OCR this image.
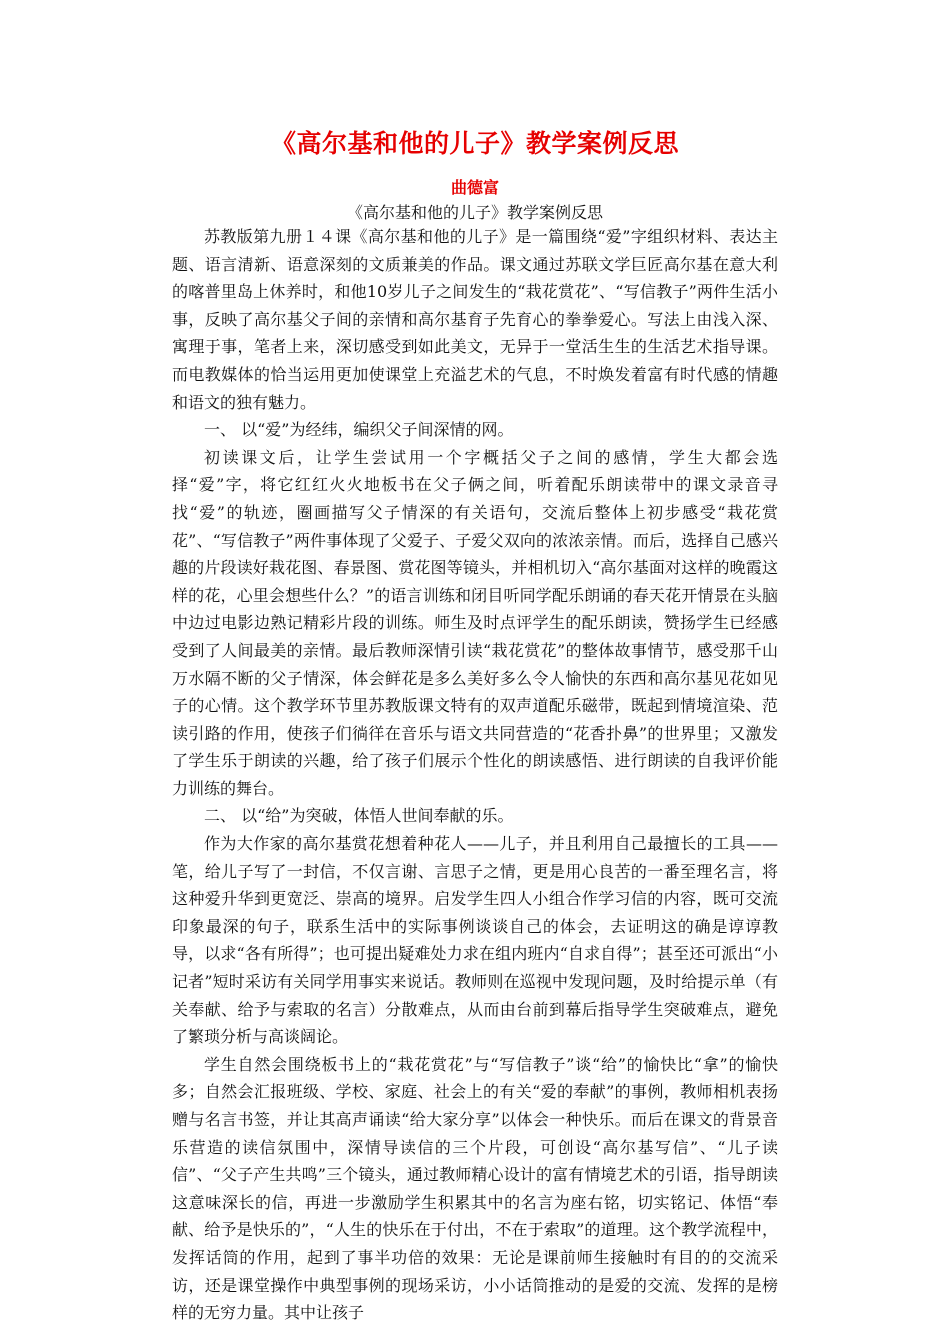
《高尔基和他的儿子》教学案例反思
曲德富
《高尔基和他的儿子》教学案例反思

苏教版第九册１４课《高尔基和他的儿子》是一篇围绕“爱”字组织材料、表达主题、语言清新、语意深刻的文质兼美的作品。课文通过苏联文学巨匠高尔基在意大利的喀普里岛上休养时，和他10岁儿子之间发生的“栽花赏花”、“写信教子”两件生活小事，反映了高尔基父子间的亲情和高尔基育子先育心的拳拳爱心。写法上由浅入深、寓理于事，笔者上来，深切感受到如此美文，无异于一堂活生生的生活艺术指导课。而电教媒体的恰当运用更加使课堂上充溢艺术的气息，不时焕发着富有时代感的情趣和语文的独有魅力。

一、 以“爱”为经纬，编织父子间深情的网。

初读课文后，让学生尝试用一个字概括父子之间的感情，学生大都会选择“爱”字，将它红红火火地板书在父子俩之间，听着配乐朗读带中的课文录音寻找“爱”的轨迹，圈画描写父子情深的有关语句，交流后整体上初步感受“栽花赏花”、“写信教子”两件事体现了父爱子、子爱父双向的浓浓亲情。而后，选择自己感兴趣的片段读好栽花图、春景图、赏花图等镜头，并相机切入“高尔基面对这样的晚霞这样的花，心里会想些什么？”的语言训练和闭目听同学配乐朗诵的春天花开情景在头脑中边过电影边熟记精彩片段的训练。师生及时点评学生的配乐朗读，赞扬学生已经感受到了人间最美的亲情。最后教师深情引读“栽花赏花”的整体故事情节，感受那千山万水隔不断的父子情深，体会鲜花是多么美好多么令人愉快的东西和高尔基见花如见子的心情。这个教学环节里苏教版课文特有的双声道配乐磁带，既起到情境渲染、范读引路的作用，使孩子们徜徉在音乐与语文共同营造的“花香扑鼻”的世界里；又激发了学生乐于朗读的兴趣，给了孩子们展示个性化的朗读感悟、进行朗读的自我评价能力训练的舞台。

二、 以“给”为突破，体悟人世间奉献的乐。

作为大作家的高尔基赏花想着种花人——儿子，并且利用自己最擅长的工具——笔，给儿子写了一封信，不仅言谢、言思子之情，更是用心良苦的一番至理名言，将这种爱升华到更宽泛、崇高的境界。启发学生四人小组合作学习信的内容，既可交流印象最深的句子，联系生活中的实际事例谈谈自己的体会，去证明这的确是谆谆教导，以求“各有所得”；也可提出疑难处力求在组内班内“自求自得”；甚至还可派出“小记者”短时采访有关同学用事实来说话。教师则在巡视中发现问题，及时给提示单（有关奉献、给予与索取的名言）分散难点，从而由台前到幕后指导学生突破难点，避免了繁琐分析与高谈阔论。

学生自然会围绕板书上的“栽花赏花”与“写信教子”谈“给”的愉快比“拿”的愉快多；自然会汇报班级、学校、家庭、社会上的有关“爱的奉献”的事例，教师相机表扬赠与名言书签，并让其高声诵读“给大家分享”以体会一种快乐。而后在课文的背景音乐营造的读信氛围中，深情导读信的三个片段，可创设“高尔基写信”、“儿子读信”、“父子产生共鸣”三个镜头，通过教师精心设计的富有情境艺术的引语，指导朗读这意味深长的信，再进一步激励学生积累其中的名言为座右铭，切实铭记、体悟“奉献、给予是快乐的”，“人生的快乐在于付出，不在于索取”的道理。这个教学流程中，发挥话筒的作用，起到了事半功倍的效果：无论是课前师生接触时有目的的交流采访，还是课堂操作中典型事例的现场采访，小小话筒推动的是爱的交流、发挥的是榜样的无穷力量。其中让孩子
